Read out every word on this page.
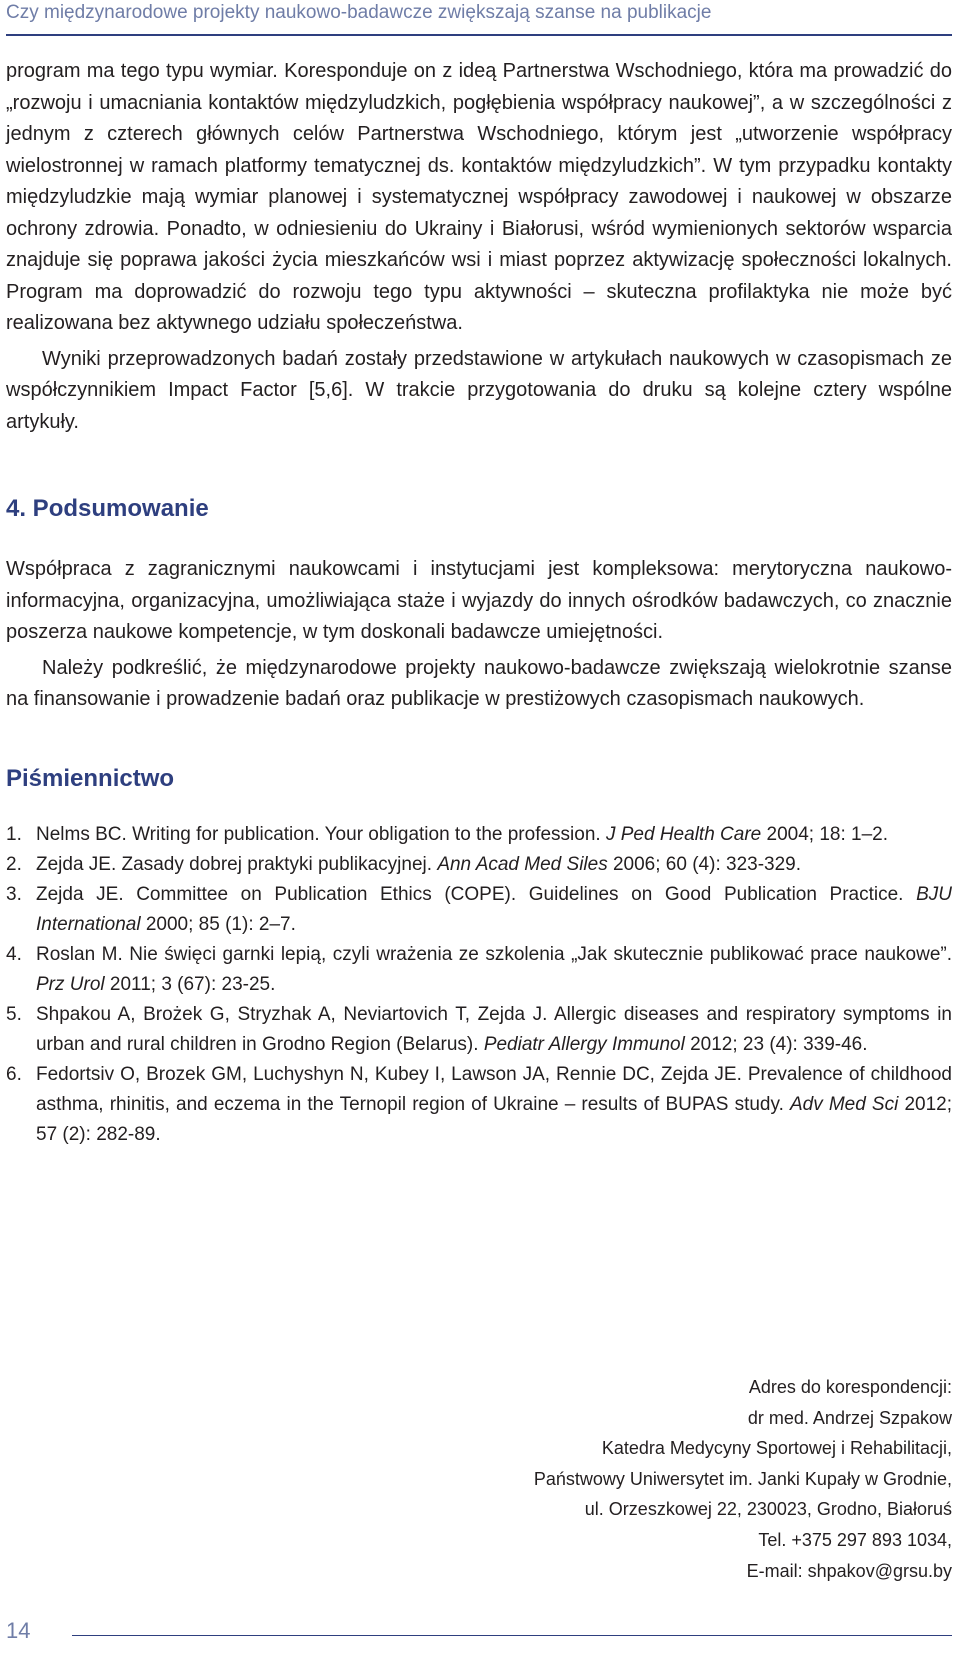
Czy międzynarodowe projekty naukowo-badawcze zwiększają szanse na publikacje

program ma tego typu wymiar. Koresponduje on z ideą Partnerstwa Wschodniego, która ma prowadzić do „rozwoju i umacniania kontaktów międzyludzkich, pogłębienia współpracy naukowej”, a w szczególności z jednym z czterech głównych celów Partnerstwa Wschodniego, którym jest „utworzenie współpracy wielostronnej w ramach platformy tematycznej ds. kontaktów międzyludzkich”. W tym przypadku kontakty międzyludzkie mają wymiar planowej i systematycznej współpracy zawodowej i naukowej w obszarze ochrony zdrowia. Ponadto, w odniesieniu do Ukrainy i Białorusi, wśród wymienionych sektorów wsparcia znajduje się poprawa jakości życia mieszkańców wsi i miast poprzez aktywizację społeczności lokalnych. Program ma doprowadzić do rozwoju tego typu aktywności – skuteczna profilaktyka nie może być realizowana bez aktywnego udziału społeczeństwa.

Wyniki przeprowadzonych badań zostały przedstawione w artykułach naukowych w czasopismach ze współczynnikiem Impact Factor [5,6]. W trakcie przygotowania do druku są kolejne cztery wspólne artykuły.

4. Podsumowanie

Współpraca z zagranicznymi naukowcami i instytucjami jest kompleksowa: merytoryczna naukowo-informacyjna, organizacyjna, umożliwiająca staże i wyjazdy do innych ośrodków badawczych, co znacznie poszerza naukowe kompetencje, w tym doskonali badawcze umiejętności.

Należy podkreślić, że międzynarodowe projekty naukowo-badawcze zwiększają wielokrotnie szanse na finansowanie i prowadzenie badań oraz publikacje w prestiżowych czasopismach naukowych.

Piśmiennictwo
1. Nelms BC. Writing for publication. Your obligation to the profession. J Ped Health Care 2004; 18: 1–2.
2. Zejda JE. Zasady dobrej praktyki publikacyjnej. Ann Acad Med Siles 2006; 60 (4): 323-329.
3. Zejda JE. Committee on Publication Ethics (COPE). Guidelines on Good Publication Practice. BJU International 2000; 85 (1): 2–7.
4. Roslan M. Nie święci garnki lepią, czyli wrażenia ze szkolenia „Jak skutecznie publikować prace naukowe”. Prz Urol 2011; 3 (67): 23-25.
5. Shpakou A, Brożek G, Stryzhak A, Neviartovich T, Zejda J. Allergic diseases and respiratory symptoms in urban and rural children in Grodno Region (Belarus). Pediatr Allergy Immunol 2012; 23 (4): 339-46.
6. Fedortsiv O, Brozek GM, Luchyshyn N, Kubey I, Lawson JA, Rennie DC, Zejda JE. Prevalence of childhood asthma, rhinitis, and eczema in the Ternopil region of Ukraine – results of BUPAS study. Adv Med Sci 2012; 57 (2): 282-89.
Adres do korespondencji:
dr med. Andrzej Szpakow
Katedra Medycyny Sportowej i Rehabilitacji,
Państwowy Uniwersytet im. Janki Kupały w Grodnie,
ul. Orzeszkowej 22, 230023, Grodno, Białoruś
Tel. +375 297 893 1034,
E-mail: shpakov@grsu.by
14
